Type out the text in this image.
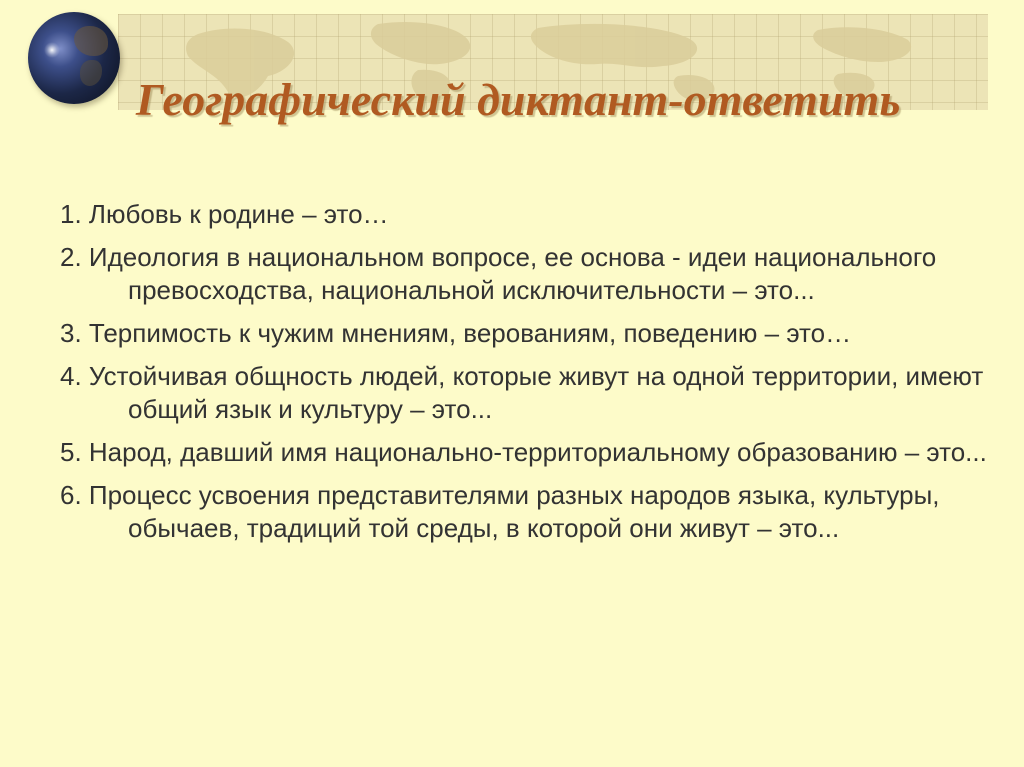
Географический диктант-ответить
1. Любовь к родине – это…
2. Идеология в национальном вопросе, ее основа - идеи национального превосходства, национальной исключительности – это...
3. Терпимость к чужим мнениям, верованиям, поведению – это…
4. Устойчивая общность людей, которые живут на одной территории, имеют общий язык и культуру – это...
5. Народ, давший имя национально-территориальному образованию – это...
6. Процесс усвоения представителями разных народов языка, культуры, обычаев, традиций той среды, в которой они живут – это...
